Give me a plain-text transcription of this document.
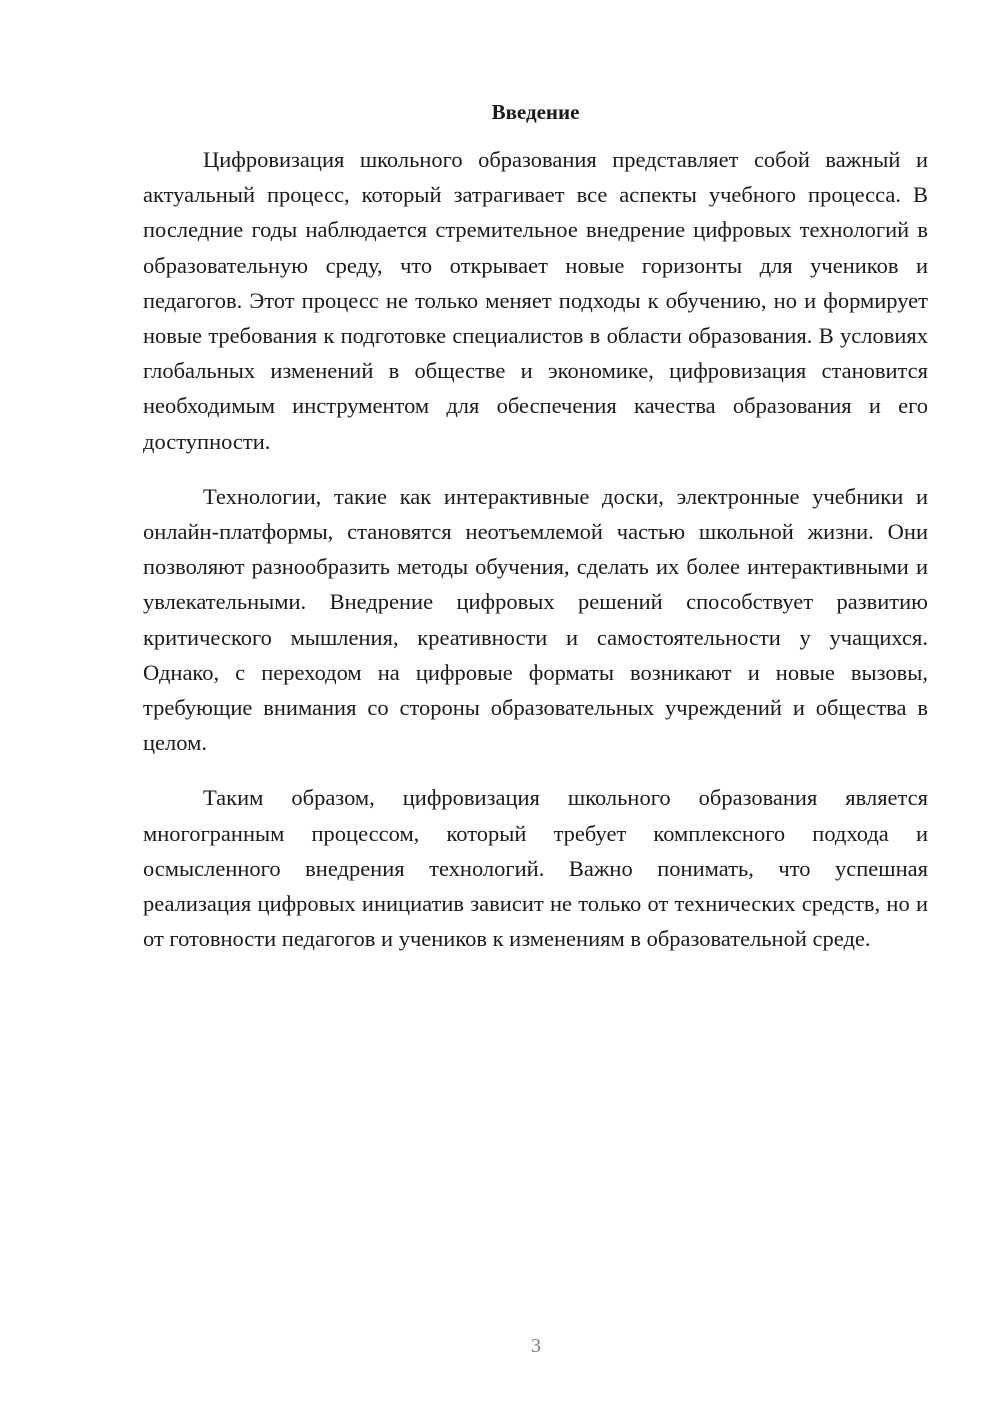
Введение

Цифровизация школьного образования представляет собой важный и актуальный процесс, который затрагивает все аспекты учебного процесса. В последние годы наблюдается стремительное внедрение цифровых технологий в образовательную среду, что открывает новые горизонты для учеников и педагогов. Этот процесс не только меняет подходы к обучению, но и формирует новые требования к подготовке специалистов в области образования. В условиях глобальных изменений в обществе и экономике, цифровизация становится необходимым инструментом для обеспечения качества образования и его доступности.

Технологии, такие как интерактивные доски, электронные учебники и онлайн-платформы, становятся неотъемлемой частью школьной жизни. Они позволяют разнообразить методы обучения, сделать их более интерактивными и увлекательными. Внедрение цифровых решений способствует развитию критического мышления, креативности и самостоятельности у учащихся. Однако, с переходом на цифровые форматы возникают и новые вызовы, требующие внимания со стороны образовательных учреждений и общества в целом.

Таким образом, цифровизация школьного образования является многогранным процессом, который требует комплексного подхода и осмысленного внедрения технологий. Важно понимать, что успешная реализация цифровых инициатив зависит не только от технических средств, но и от готовности педагогов и учеников к изменениям в образовательной среде.

3
